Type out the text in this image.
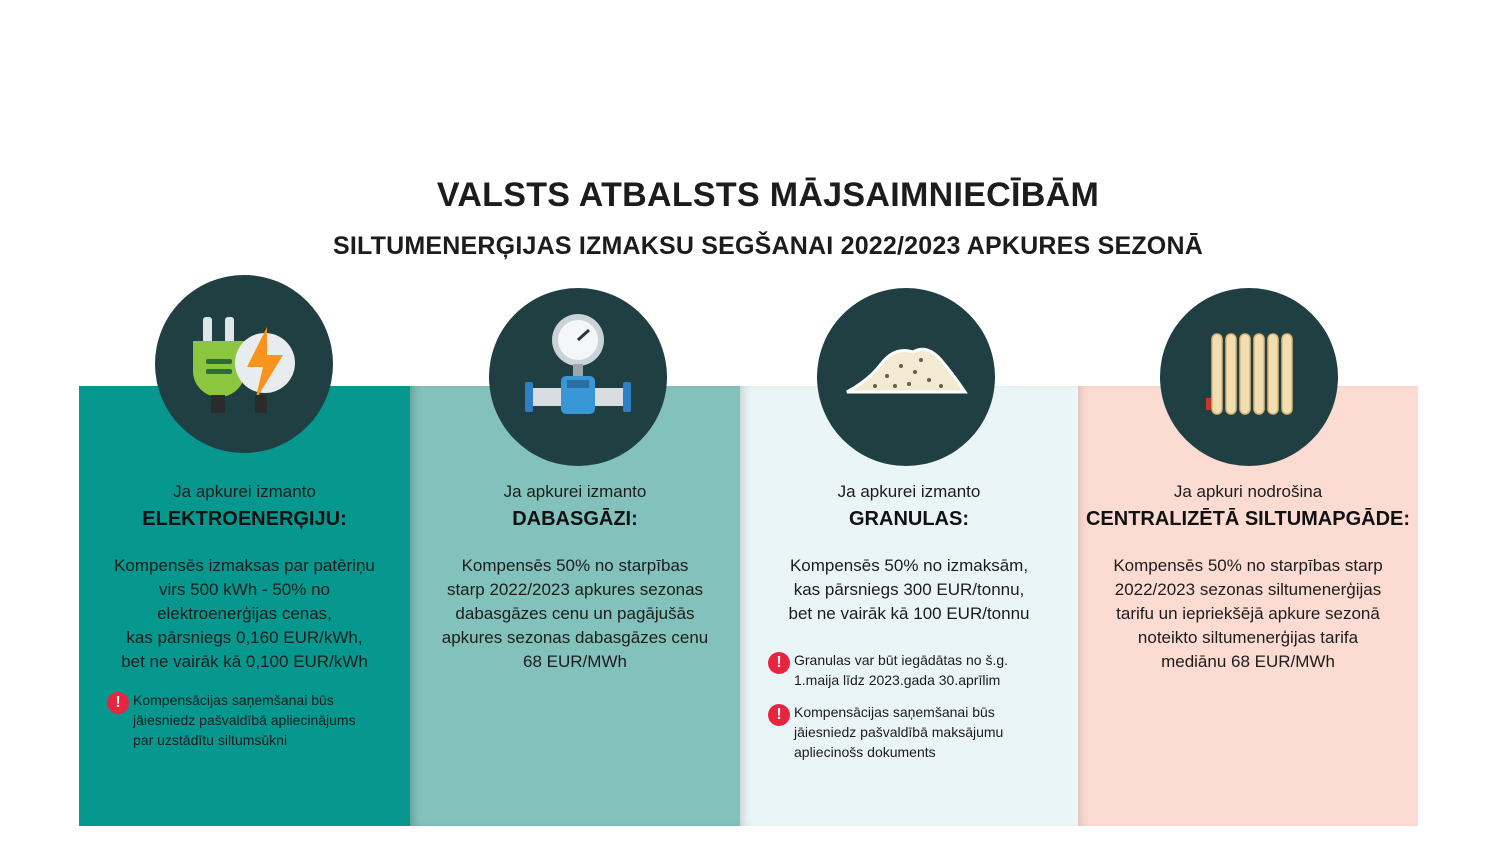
VALSTS ATBALSTS MĀJSAIMNIECĪBĀM
SILTUMENERĢIJAS IZMAKSU SEGŠANAI 2022/2023 APKURES SEZONĀ
Ja apkurei izmanto
ELEKTROENERĢIJU:
Kompensēs izmaksas par patēriņu
virs 500 kWh - 50% no
elektroenerģijas cenas,
kas pārsniegs 0,160 EUR/kWh,
bet ne vairāk kā 0,100 EUR/kWh
! Kompensācijas saņemšanai būs
jāiesniedz pašvaldībā apliecinājums
par uzstādītu siltumsūkni
Ja apkurei izmanto
DABASGĀZI:
Kompensēs 50% no starpības
starp 2022/2023 apkures sezonas
dabasgāzes cenu un pagājušās
apkures sezonas dabasgāzes cenu
68 EUR/MWh
Ja apkurei izmanto
GRANULAS:
Kompensēs 50% no izmaksām,
kas pārsniegs 300 EUR/tonnu,
bet ne vairāk kā 100 EUR/tonnu
! Granulas var būt iegādātas no š.g.
1.maija līdz 2023.gada 30.aprīlim
! Kompensācijas saņemšanai būs
jāiesniedz pašvaldībā maksājumu
apliecinošs dokuments
Ja apkuri nodrošina
CENTRALIZĒTĀ SILTUMAPGĀDE:
Kompensēs 50% no starpības starp
2022/2023 sezonas siltumenerģijas
tarifu un iepriekšējā apkure sezonā
noteikto siltumenerģijas tarifa
mediānu 68 EUR/MWh
